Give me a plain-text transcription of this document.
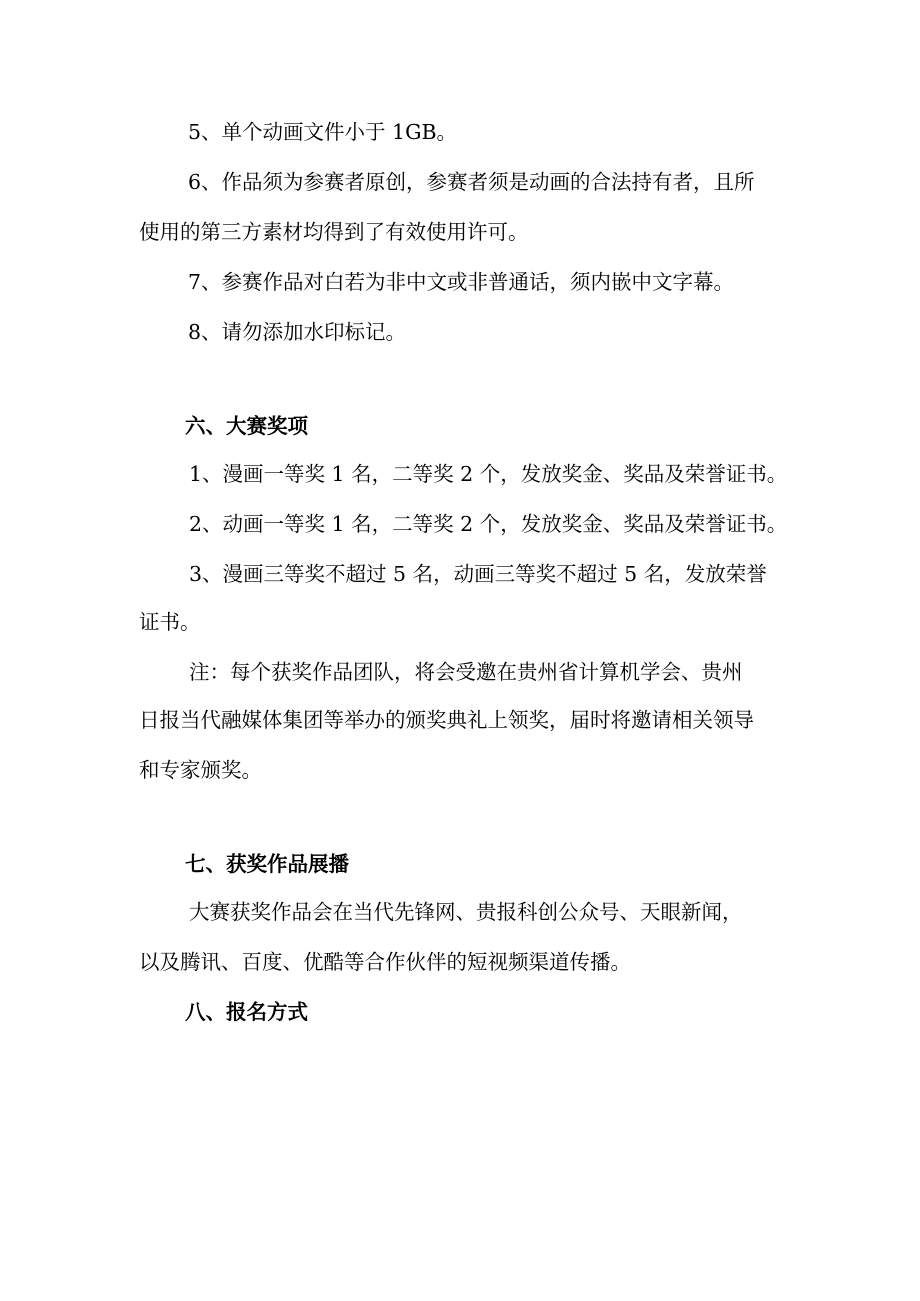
5、单个动画文件小于 1GB。
6、作品须为参赛者原创，参赛者须是动画的合法持有者，且所
使用的第三方素材均得到了有效使用许可。
7、参赛作品对白若为非中文或非普通话，须内嵌中文字幕。
8、请勿添加水印标记。
六、大赛奖项
1、漫画一等奖 1 名，二等奖 2 个，发放奖金、奖品及荣誉证书。
2、动画一等奖 1 名，二等奖 2 个，发放奖金、奖品及荣誉证书。
3、漫画三等奖不超过 5 名，动画三等奖不超过 5 名，发放荣誉
证书。
注：每个获奖作品团队，将会受邀在贵州省计算机学会、贵州
日报当代融媒体集团等举办的颁奖典礼上领奖，届时将邀请相关领导
和专家颁奖。
七、获奖作品展播
大赛获奖作品会在当代先锋网、贵报科创公众号、天眼新闻，
以及腾讯、百度、优酷等合作伙伴的短视频渠道传播。
八、报名方式
